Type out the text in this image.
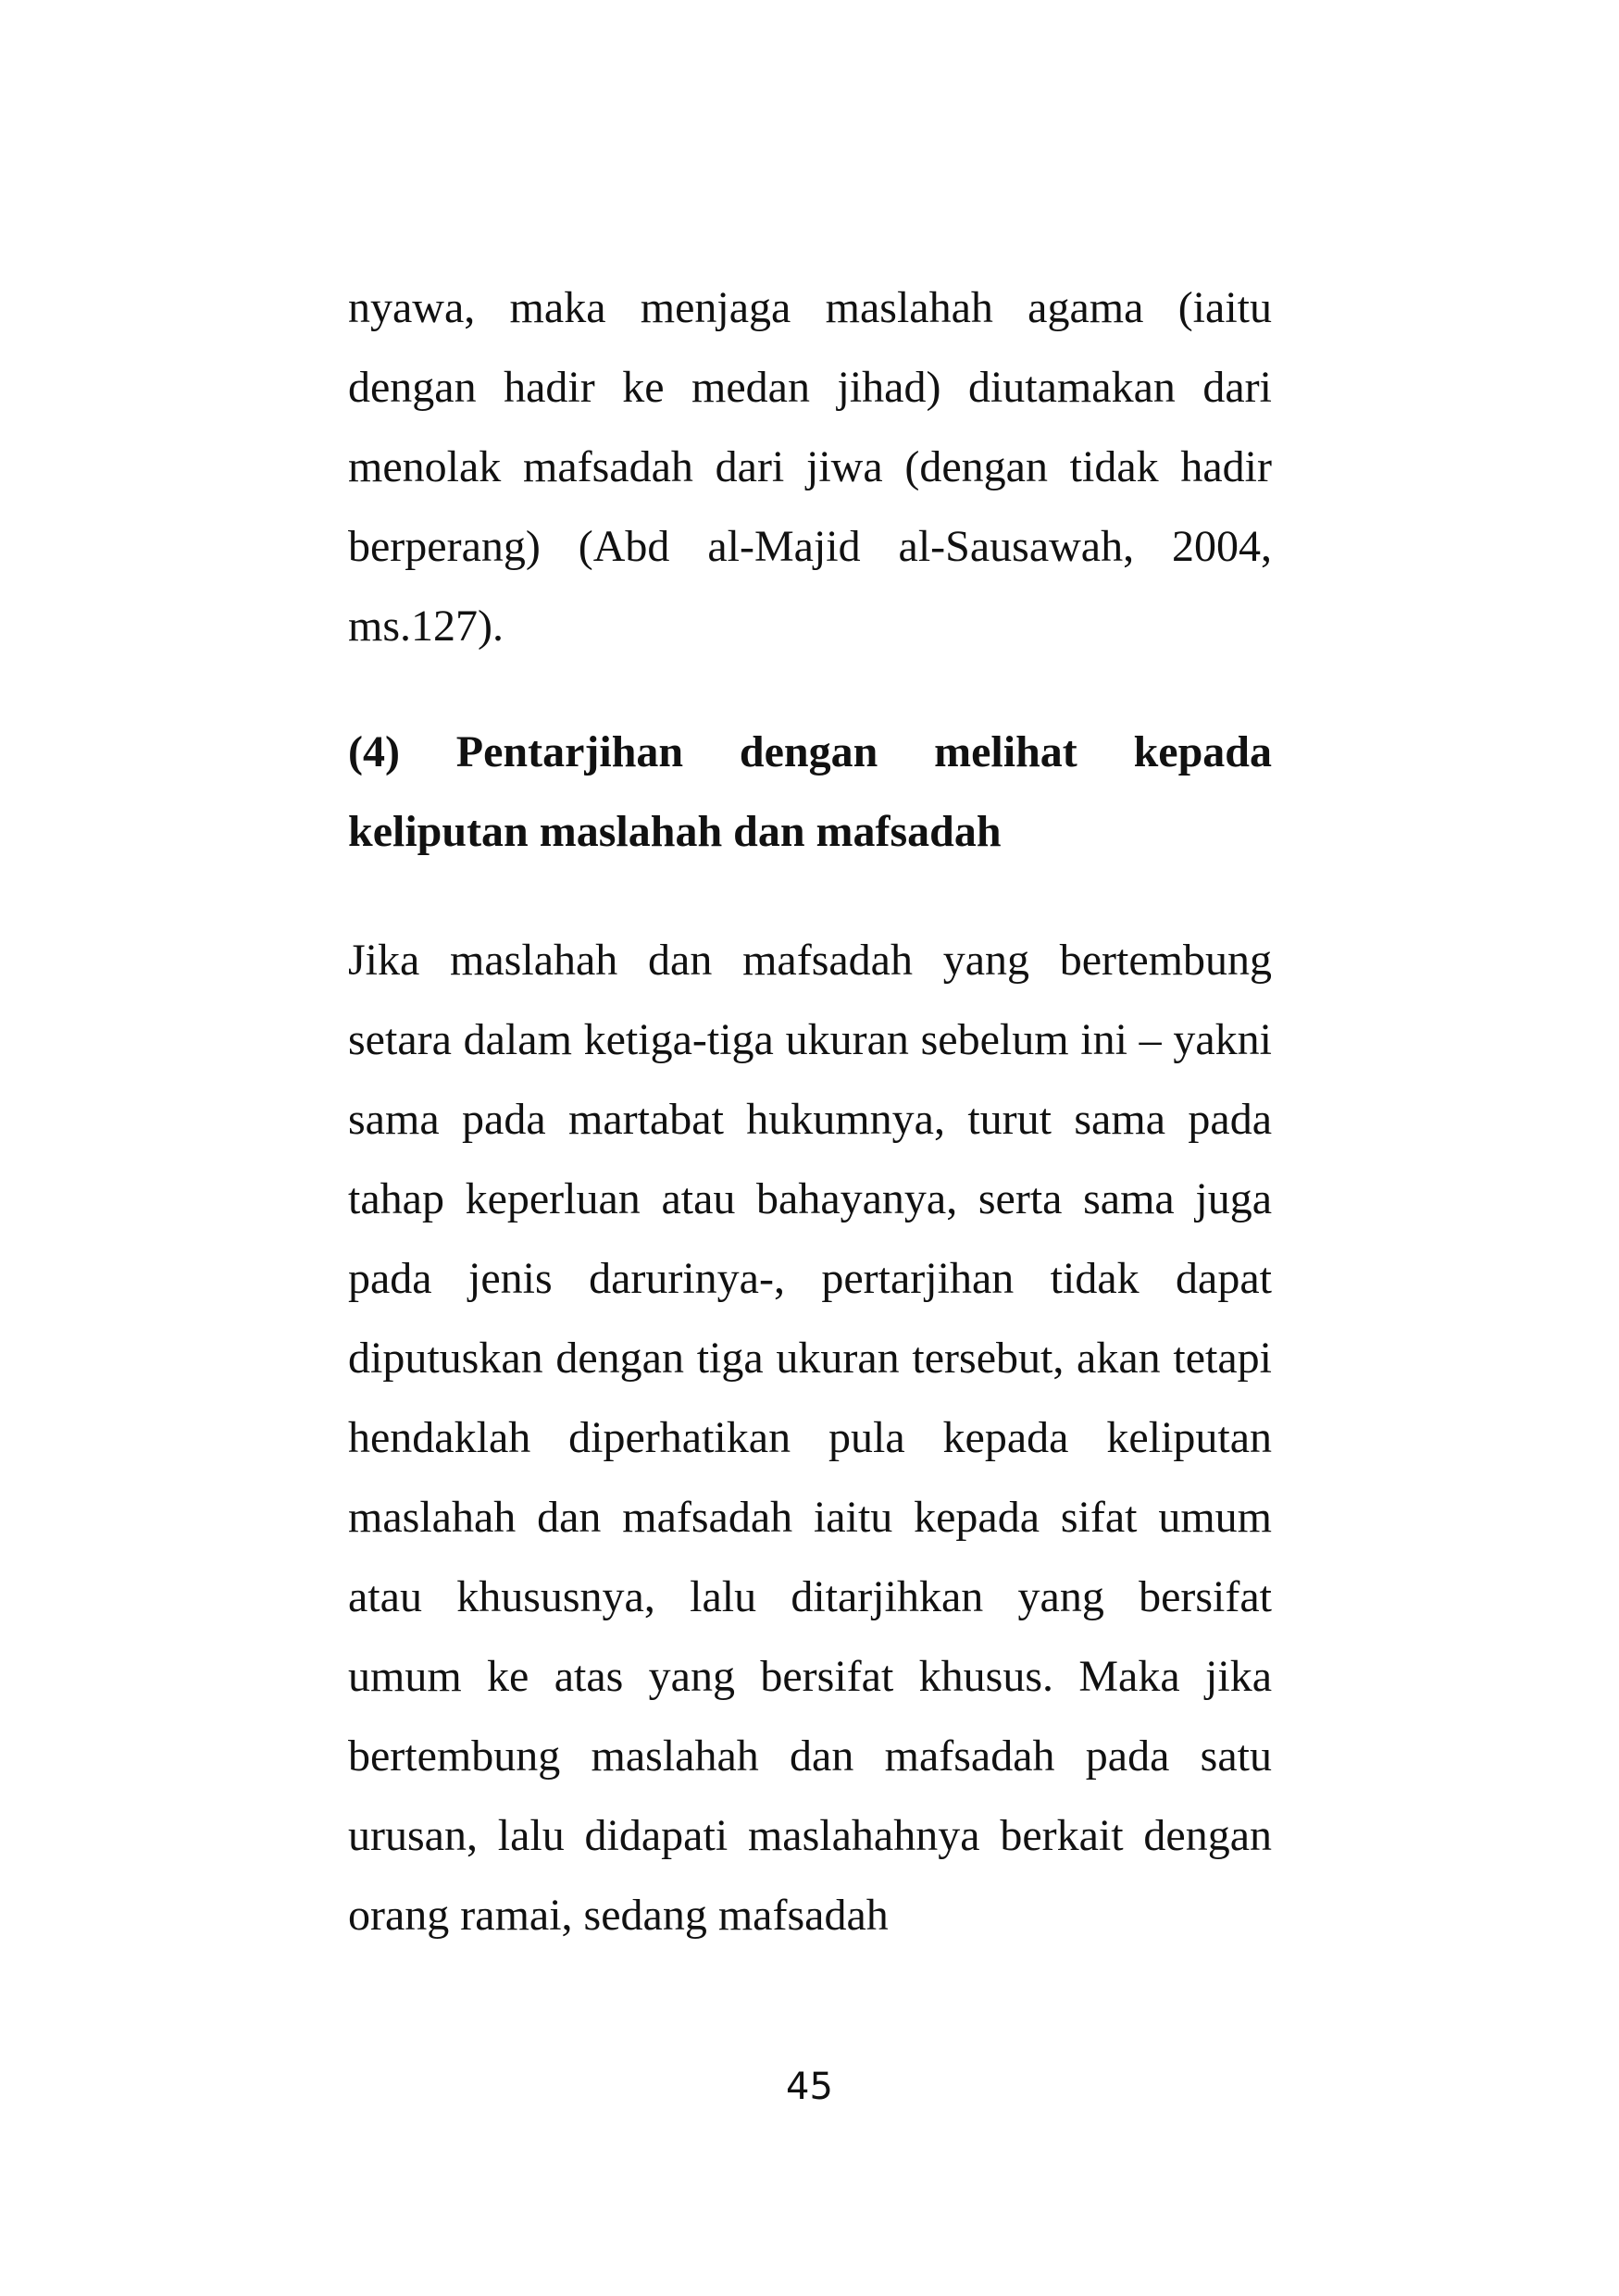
nyawa, maka menjaga maslahah agama (iaitu dengan hadir ke medan jihad) diutamakan dari menolak mafsadah dari jiwa (dengan tidak hadir berperang) (Abd al-Majid al-Sausawah, 2004, ms.127).

(4) Pentarjihan dengan melihat kepada keliputan maslahah dan mafsadah

Jika maslahah dan mafsadah yang bertembung setara dalam ketiga-tiga ukuran sebelum ini – yakni sama pada martabat hukumnya, turut sama pada tahap keperluan atau bahayanya, serta sama juga pada jenis darurinya-, pertarjihan tidak dapat diputuskan dengan tiga ukuran tersebut, akan tetapi hendaklah diperhatikan pula kepada keliputan maslahah dan mafsadah iaitu kepada sifat umum atau khususnya, lalu ditarjihkan yang bersifat umum ke atas yang bersifat khusus. Maka jika bertembung maslahah dan mafsadah pada satu urusan, lalu didapati maslahahnya berkait dengan orang ramai, sedang mafsadah

45
